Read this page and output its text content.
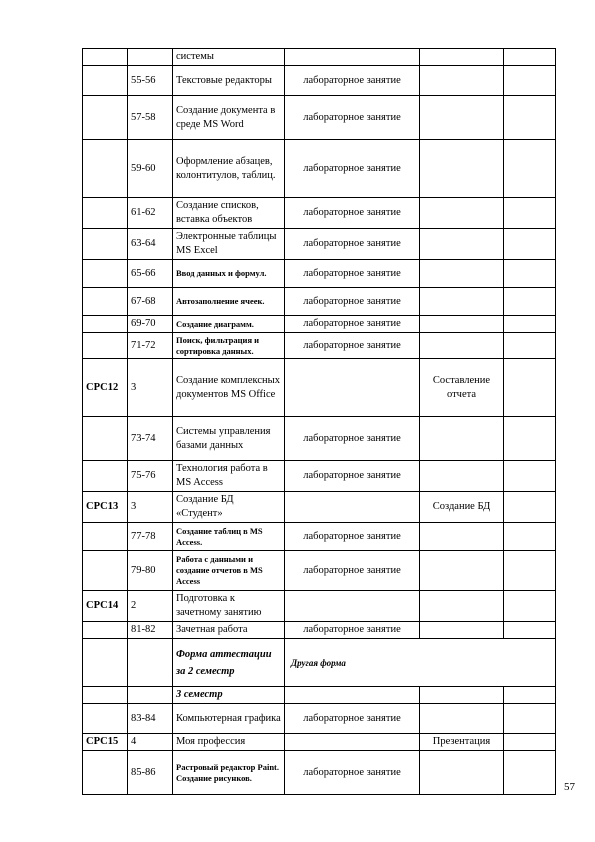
		системы			
	55-56	Текстовые редакторы	лабораторное занятие		
	57-58	Создание документа в среде MS Word	лабораторное занятие		
	59-60	Оформление абзацев, колонтитулов, таблиц.	лабораторное занятие		
	61-62	Создание списков, вставка объектов	лабораторное занятие		
	63-64	Электронные таблицы MS Excel	лабораторное занятие		
	65-66	Ввод данных и формул.	лабораторное занятие		
	67-68	Автозаполнение ячеек.	лабораторное занятие		
	69-70	Создание диаграмм.	лабораторное занятие		
	71-72	Поиск, фильтрация и сортировка данных.	лабораторное занятие		
СРС12	3	Создание комплексных документов MS Office		Составление отчета	
	73-74	Системы управления базами данных	лабораторное занятие		
	75-76	Технология работа в MS Access	лабораторное занятие		
СРС13	3	Создание БД «Студент»		Создание БД	
	77-78	Создание таблиц в MS Access.	лабораторное занятие		
	79-80	Работа с данными и создание отчетов в MS Access	лабораторное занятие		
СРС14	2	Подготовка к зачетному занятию			
	81-82	Зачетная работа	лабораторное занятие		
		Форма аттестации за 2 семестр	Другая форма		
		3 семестр			
	83-84	Компьютерная графика	лабораторное занятие		
СРС15	4	Моя профессия		Презентация	
	85-86	Растровый редактор Paint. Создание рисунков.	лабораторное занятие		
57
